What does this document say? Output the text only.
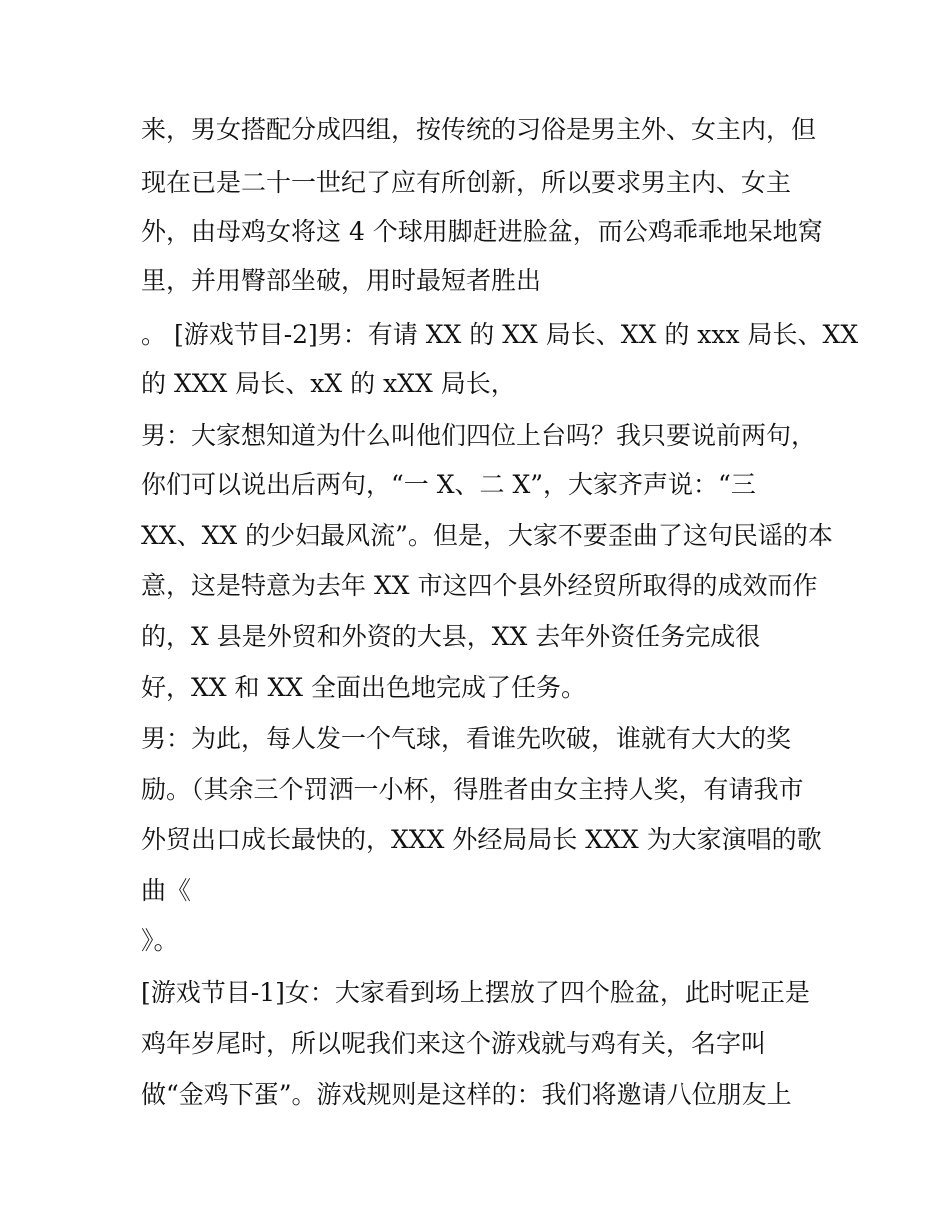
来，男女搭配分成四组，按传统的习俗是男主外、女主内，但
现在已是二十一世纪了应有所创新，所以要求男主内、女主
外，由母鸡女将这 4 个球用脚赶进脸盆，而公鸡乖乖地呆地窝
里，并用臀部坐破，用时最短者胜出
。 [游戏节目-2]男：有请 XX 的 XX 局长、XX 的 xxx 局长、XX
的 XXX 局长、xX 的 xXX 局长，
男：大家想知道为什么叫他们四位上台吗？我只要说前两句，
你们可以说出后两句，“一 X、二 X”，大家齐声说：“三
XX、XX 的少妇最风流”。但是，大家不要歪曲了这句民谣的本
意，这是特意为去年 XX 市这四个县外经贸所取得的成效而作
的，X 县是外贸和外资的大县，XX 去年外资任务完成很
好，XX 和 XX 全面出色地完成了任务。
男：为此，每人发一个气球，看谁先吹破，谁就有大大的奖
励。（其余三个罚洒一小杯，得胜者由女主持人奖，有请我市
外贸出口成长最快的，XXX 外经局局长 XXX 为大家演唱的歌
曲《
》。
[游戏节目-1]女：大家看到场上摆放了四个脸盆，此时呢正是
鸡年岁尾时，所以呢我们来这个游戏就与鸡有关，名字叫
做“金鸡下蛋”。游戏规则是这样的：我们将邀请八位朋友上
